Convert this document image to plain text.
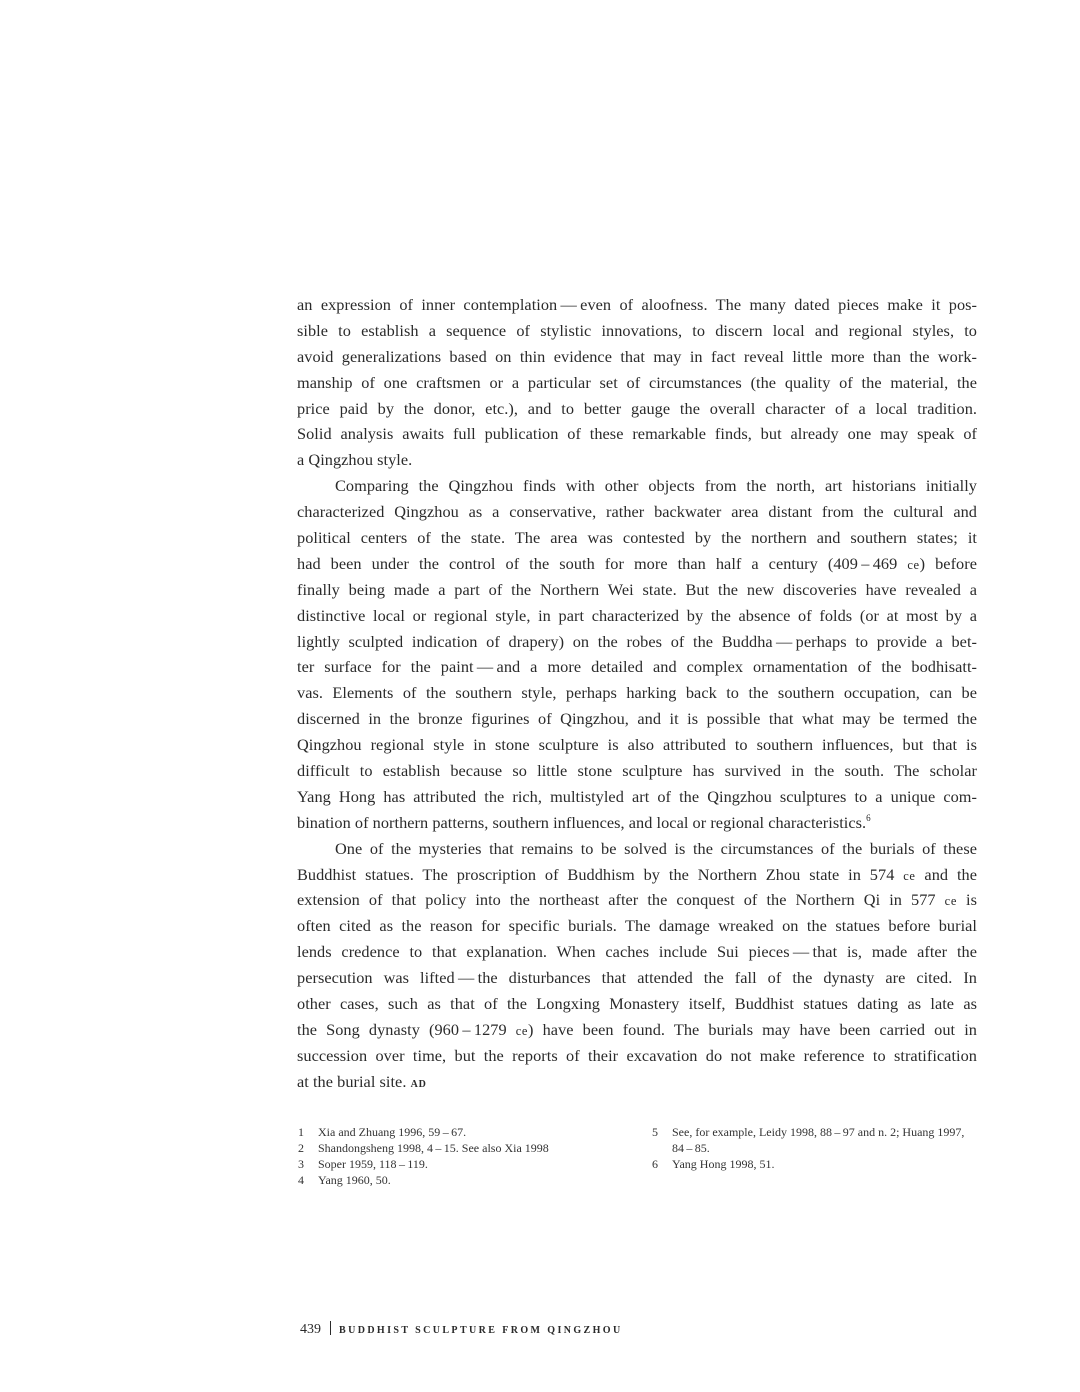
an expression of inner contemplation — even of aloofness. The many dated pieces make it pos-
sible to establish a sequence of stylistic innovations, to discern local and regional styles, to
avoid generalizations based on thin evidence that may in fact reveal little more than the work-
manship of one craftsmen or a particular set of circumstances (the quality of the material, the
price paid by the donor, etc.), and to better gauge the overall character of a local tradition.
Solid analysis awaits full publication of these remarkable finds, but already one may speak of
a Qingzhou style.
Comparing the Qingzhou finds with other objects from the north, art historians initially
characterized Qingzhou as a conservative, rather backwater area distant from the cultural and
political centers of the state. The area was contested by the northern and southern states; it
had been under the control of the south for more than half a century (409 – 469 ce) before
finally being made a part of the Northern Wei state. But the new discoveries have revealed a
distinctive local or regional style, in part characterized by the absence of folds (or at most by a
lightly sculpted indication of drapery) on the robes of the Buddha — perhaps to provide a bet-
ter surface for the paint — and a more detailed and complex ornamentation of the bodhisatt-
vas. Elements of the southern style, perhaps harking back to the southern occupation, can be
discerned in the bronze figurines of Qingzhou, and it is possible that what may be termed the
Qingzhou regional style in stone sculpture is also attributed to southern influences, but that is
difficult to establish because so little stone sculpture has survived in the south. The scholar
Yang Hong has attributed the rich, multistyled art of the Qingzhou sculptures to a unique com-
bination of northern patterns, southern influences, and local or regional characteristics.$^6$
One of the mysteries that remains to be solved is the circumstances of the burials of these
Buddhist statues. The proscription of Buddhism by the Northern Zhou state in 574 ce and the
extension of that policy into the northeast after the conquest of the Northern Qi in 577 ce is
often cited as the reason for specific burials. The damage wreaked on the statues before burial
lends credence to that explanation. When caches include Sui pieces — that is, made after the
persecution was lifted — the disturbances that attended the fall of the dynasty are cited. In
other cases, such as that of the Longxing Monastery itself, Buddhist statues dating as late as
the Song dynasty (960 – 1279 ce) have been found. The burials may have been carried out in
succession over time, but the reports of their excavation do not make reference to stratification
at the burial site. AD
1	Xia and Zhuang 1996, 59 – 67.
2	Shandongsheng 1998, 4 – 15. See also Xia 1998
3	Soper 1959, 118 – 119.
4	Yang 1960, 50.
5	See, for example, Leidy 1998, 88 – 97 and n. 2; Huang 1997, 84 – 85.
6	Yang Hong 1998, 51.
439 BUDDHIST SCULPTURE FROM QINGZHOU
